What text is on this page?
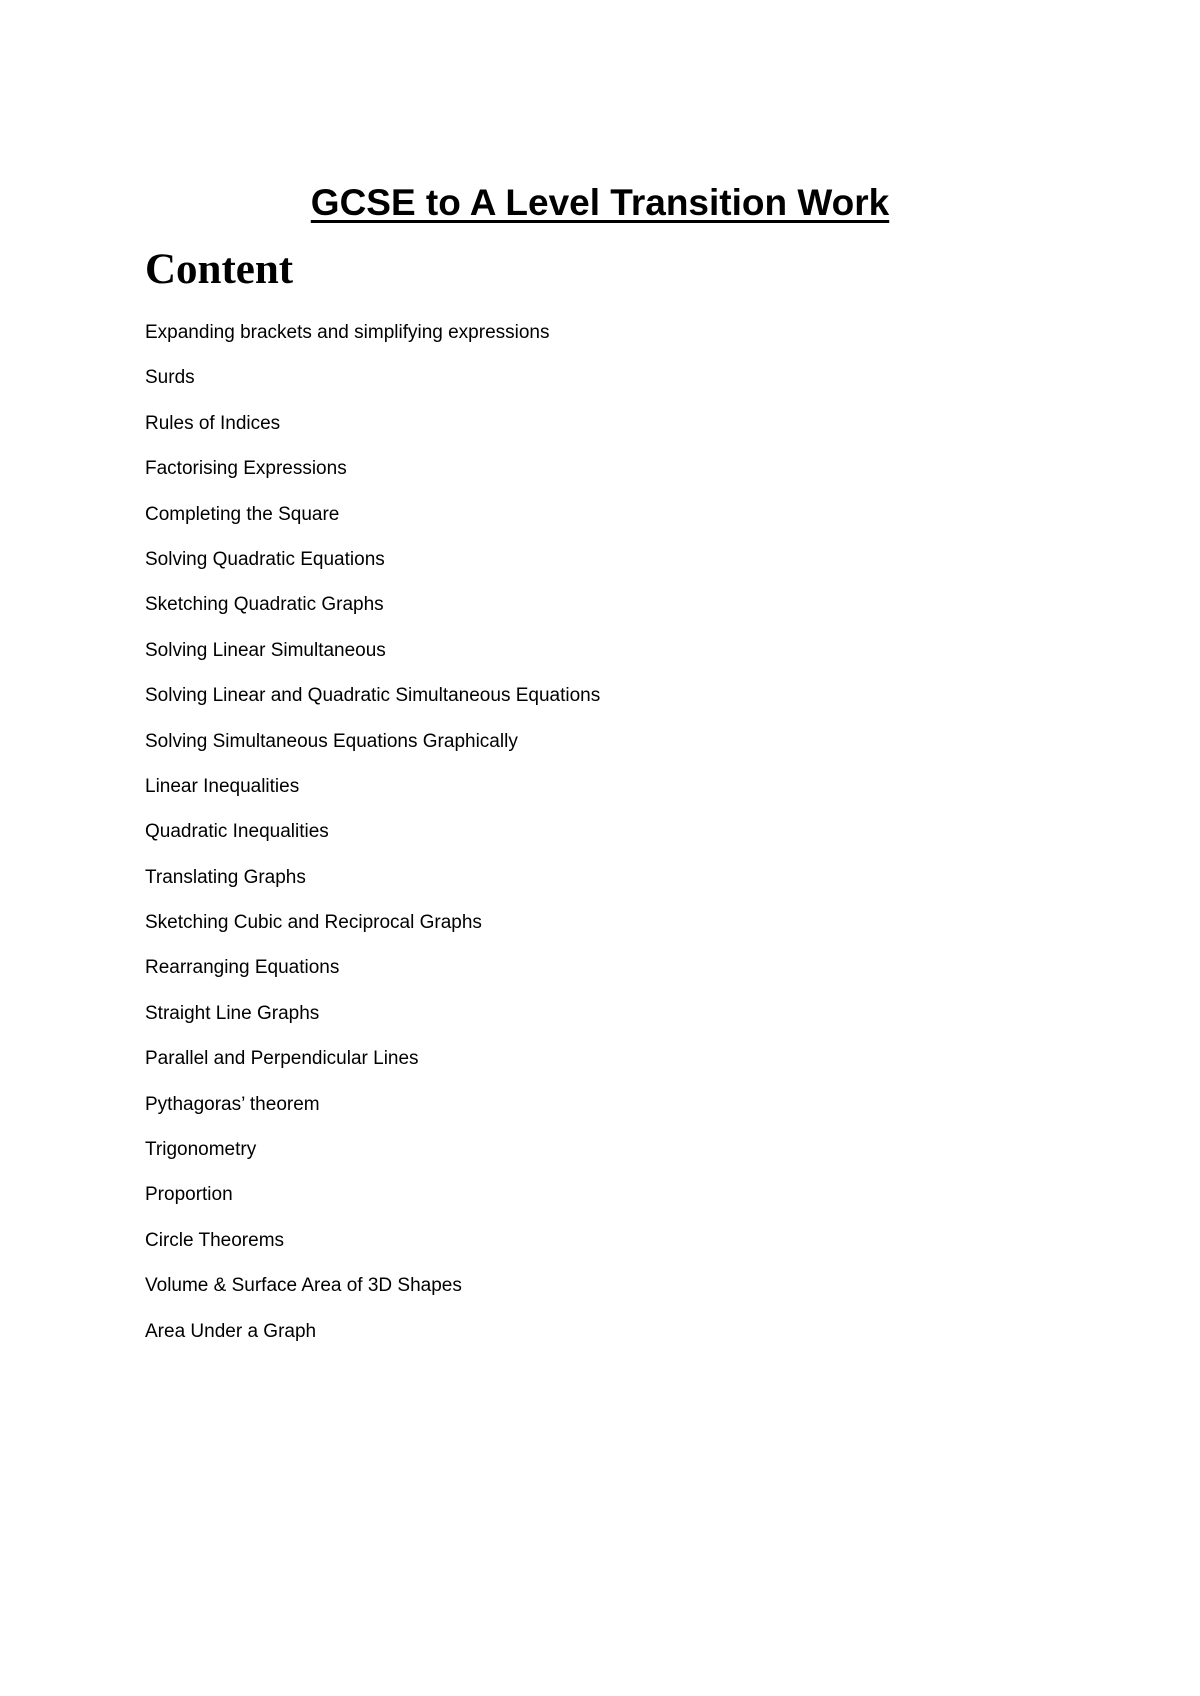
GCSE to A Level Transition Work
Content
Expanding brackets and simplifying expressions
Surds
Rules of Indices
Factorising Expressions
Completing the Square
Solving Quadratic Equations
Sketching Quadratic Graphs
Solving Linear Simultaneous
Solving Linear and Quadratic Simultaneous Equations
Solving Simultaneous Equations Graphically
Linear Inequalities
Quadratic Inequalities
Translating Graphs
Sketching Cubic and Reciprocal Graphs
Rearranging Equations
Straight Line Graphs
Parallel and Perpendicular Lines
Pythagoras’ theorem
Trigonometry
Proportion
Circle Theorems
Volume & Surface Area of 3D Shapes
Area Under a Graph
